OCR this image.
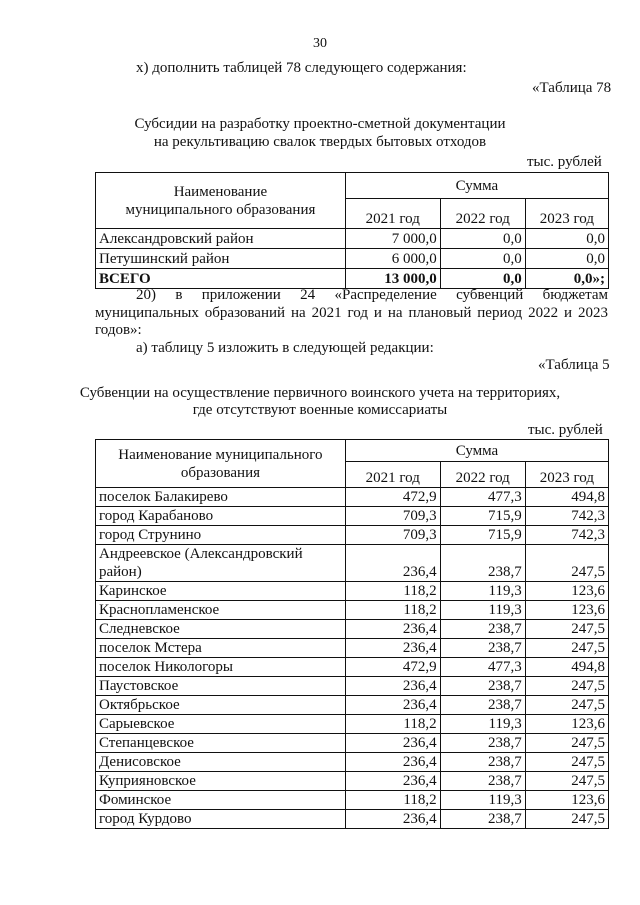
30
х) дополнить таблицей 78 следующего содержания:
«Таблица 78
Субсидии на разработку проектно-сметной документации
на рекультивацию свалок твердых бытовых отходов
тыс. рублей
Наименование
муниципального образования	Сумма		
	2021 год	2022 год	2023 год
Александровский район	7 000,0	0,0	0,0
Петушинский район	6 000,0	0,0	0,0
ВСЕГО	13 000,0	0,0	0,0»;
20) в приложении 24 «Распределение субвенций бюджетам
муниципальных образований на 2021 год и на плановый период 2022 и 2023
годов»:
а) таблицу 5 изложить в следующей редакции:
«Таблица 5
Субвенции на осуществление первичного воинского учета на территориях,
где отсутствуют военные комиссариаты
тыс. рублей
Наименование муниципального
образования	Сумма		
	2021 год	2022 год	2023 год
поселок Балакирево	472,9	477,3	494,8
город Карабаново	709,3	715,9	742,3
город Струнино	709,3	715,9	742,3
Андреевское (Александровский
район)	236,4	238,7	247,5
Каринское	118,2	119,3	123,6
Краснопламенское	118,2	119,3	123,6
Следневское	236,4	238,7	247,5
поселок Мстера	236,4	238,7	247,5
поселок Никологоры	472,9	477,3	494,8
Паустовское	236,4	238,7	247,5
Октябрьское	236,4	238,7	247,5
Сарыевское	118,2	119,3	123,6
Степанцевское	236,4	238,7	247,5
Денисовское	236,4	238,7	247,5
Куприяновское	236,4	238,7	247,5
Фоминское	118,2	119,3	123,6
город Курдово	236,4	238,7	247,5
